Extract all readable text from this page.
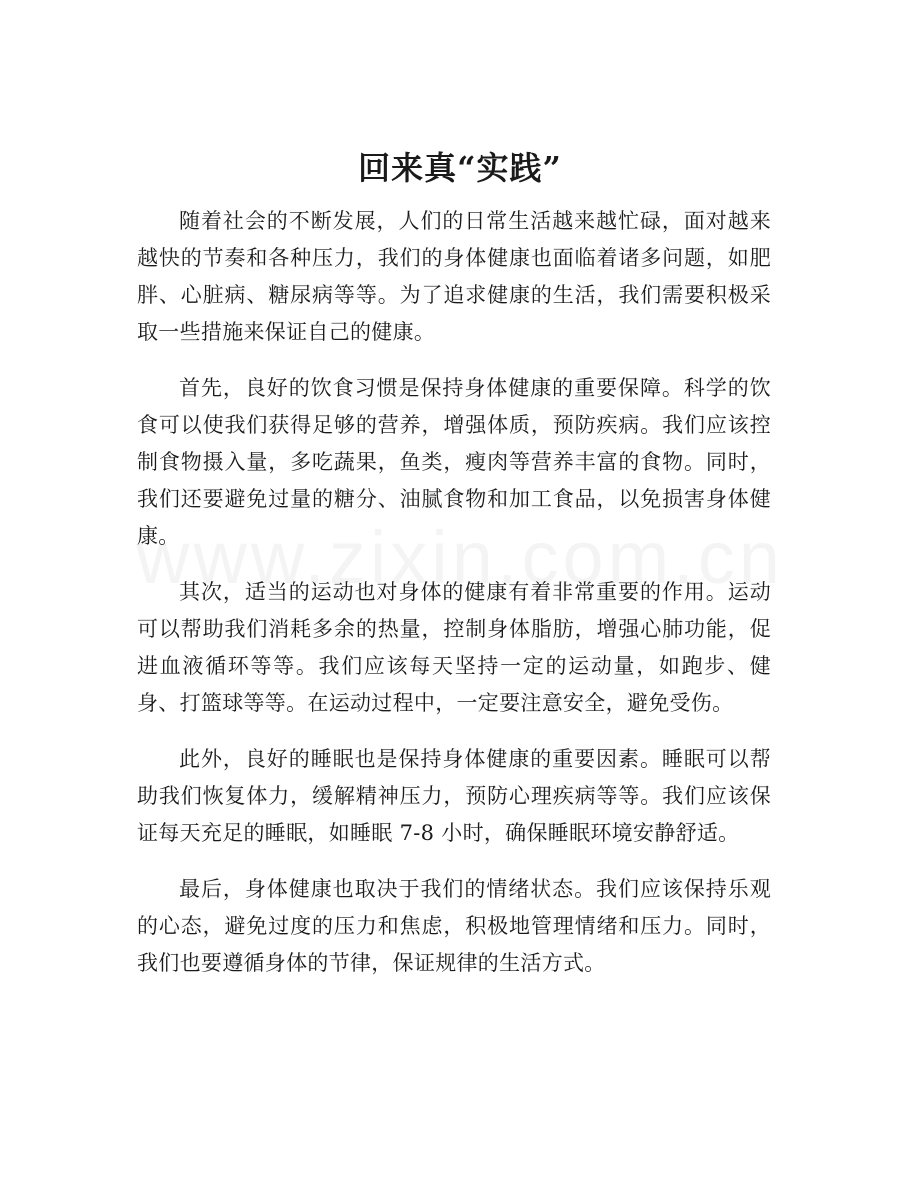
回来真“实践”

随着社会的不断发展，人们的日常生活越来越忙碌，面对越来越快的节奏和各种压力，我们的身体健康也面临着诸多问题，如肥胖、心脏病、糖尿病等等。为了追求健康的生活，我们需要积极采取一些措施来保证自己的健康。

首先，良好的饮食习惯是保持身体健康的重要保障。科学的饮食可以使我们获得足够的营养，增强体质，预防疾病。我们应该控制食物摄入量，多吃蔬果，鱼类，瘦肉等营养丰富的食物。同时，我们还要避免过量的糖分、油腻食物和加工食品，以免损害身体健康。

其次，适当的运动也对身体的健康有着非常重要的作用。运动可以帮助我们消耗多余的热量，控制身体脂肪，增强心肺功能，促进血液循环等等。我们应该每天坚持一定的运动量，如跑步、健身、打篮球等等。在运动过程中，一定要注意安全，避免受伤。

此外，良好的睡眠也是保持身体健康的重要因素。睡眠可以帮助我们恢复体力，缓解精神压力，预防心理疾病等等。我们应该保证每天充足的睡眠，如睡眠 7-8 小时，确保睡眠环境安静舒适。

最后，身体健康也取决于我们的情绪状态。我们应该保持乐观的心态，避免过度的压力和焦虑，积极地管理情绪和压力。同时，我们也要遵循身体的节律，保证规律的生活方式。
